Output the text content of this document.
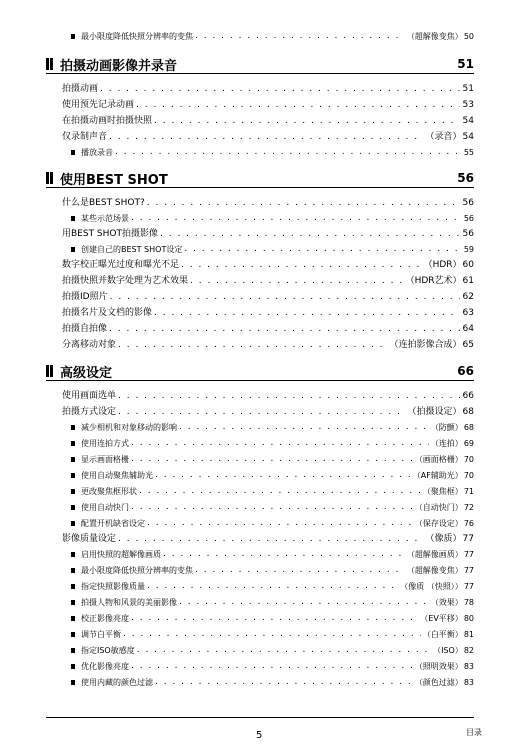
最小限度降低快照分辨率的变焦 . . .	（超解像变焦） 50
拍摄动画影像并录音	51
拍摄动画 . . .	51
使用预先记录动画 . . .	53
在拍摄动画时拍摄快照 . . .	54
仅录制声音 . . .	（录音） 54
播放录音 . . .	55
使用BEST SHOT	56
什么是BEST SHOT? . . .	56
某些示范场景 . . .	56
用BEST SHOT拍摄影像 . . .	56
创建自己的BEST SHOT设定 . . .	59
数字校正曝光过度和曝光不足 . . .	（HDR） 60
拍摄快照并数字处理为艺术效果 . . .	（HDR艺术） 61
拍摄ID照片 . . .	62
拍摄名片及文档的影像 . . .	63
拍摄自拍像 . . .	64
分离移动对象 . . .	（连拍影像合成） 65
高级设定	66
使用画面选单 . . .	66
拍摄方式设定 . . .	（拍摄设定） 68
减少相机和对象移动的影响 . . .	（防颤） 68
使用连拍方式 . . .	（连拍） 69
显示画面格栅 . . .	（画面格栅） 70
使用自动聚焦辅助光 . . .	（AF辅助光） 70
更改聚焦框形状 . . .	（聚焦框） 71
使用自动快门 . . .	（自动快门） 72
配置开机缺省设定 . . .	（保存设定） 76
影像质量设定 . . .	（像质） 77
启用快照的超解像画质 . . .	（超解像画质） 77
最小限度降低快照分辨率的变焦 . . .	（超解像变焦） 77
指定快照影像质量 . . .	（像质 （快照）） 77
拍摄人物和风景的美丽影像 . . .	（效果） 78
校正影像亮度 . . .	（EV平移） 80
调节白平衡 . . .	（白平衡） 81
指定ISO敏感度 . . .	（ISO） 82
优化影像亮度 . . .	（照明效果） 83
使用内藏的颜色过滤 . . .	（颜色过滤） 83
5	目录
